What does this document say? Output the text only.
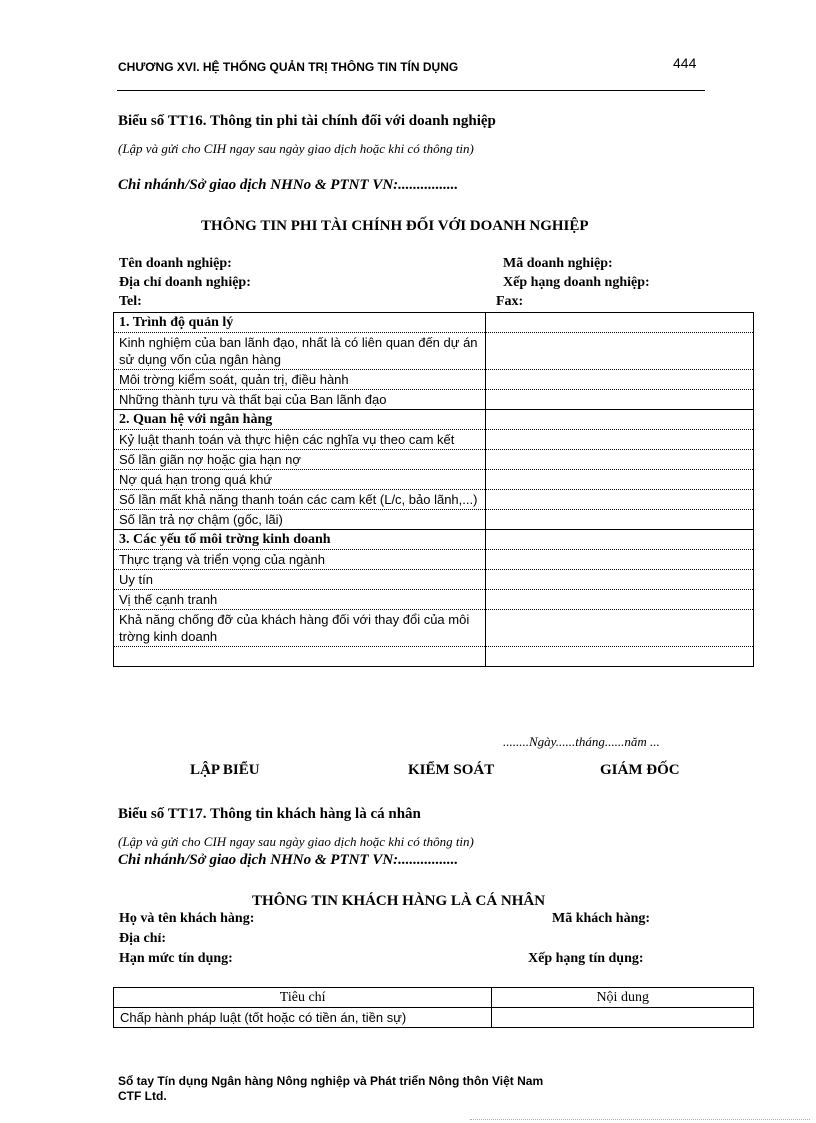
CHƯƠNG XVI. HỆ THỐNG QUẢN TRỊ THÔNG TIN TÍN DỤNG	444
Biểu số TT16. Thông tin phi tài chính đối với doanh nghiệp
(Lập và gửi cho CIH ngay sau ngày giao dịch hoặc khi có thông tin)
Chi nhánh/Sở giao dịch NHNo & PTNT VN:................
THÔNG TIN PHI TÀI CHÍNH ĐỐI VỚI DOANH NGHIỆP
Tên doanh nghiệp:	Mã doanh nghiệp:
Địa chỉ doanh nghiệp:	Xếp hạng doanh nghiệp:
Tel:	Fax:
1. Trình độ quản lý	
Kinh nghiệm của ban lãnh đạo, nhất là có liên quan đến dự án sử dụng vốn của ngân hàng	
Môi trờng kiểm soát, quản trị, điều hành	
Những thành tựu và thất bại của Ban lãnh đạo	
2. Quan hệ với ngân hàng	
Kỷ luật thanh toán và thực hiện các nghĩa vụ theo cam kết	
Số lần giãn nợ hoặc gia hạn nợ	
Nợ quá hạn trong quá khứ	
Số lần mất khả năng thanh toán các cam kết (L/c, bảo lãnh,...)	
Số lần trả nợ chậm (gốc, lãi)	
3. Các yếu tố môi trờng kinh doanh	
Thực trạng và triển vọng của ngành	
Uy tín	
Vị thế cạnh tranh	
Khả năng chống đỡ của khách hàng đối với thay đổi của môi trờng kinh doanh	

........Ngày......tháng......năm ...
LẬP BIỂU	KIỂM SOÁT	GIÁM ĐỐC
Biểu số TT17. Thông tin khách hàng là cá nhân
(Lập và gửi cho CIH ngay sau ngày giao dịch hoặc khi có thông tin)
Chi nhánh/Sở giao dịch NHNo & PTNT VN:................
THÔNG TIN KHÁCH HÀNG LÀ CÁ NHÂN
Họ và tên khách hàng:	Mã khách hàng:
Địa chỉ:
Hạn mức tín dụng:	Xếp hạng tín dụng:
Tiêu chí	Nội dung
Chấp hành pháp luật (tốt hoặc có tiền án, tiền sự)	
Sổ tay Tín dụng Ngân hàng Nông nghiệp và Phát triển Nông thôn Việt Nam
CTF Ltd.
